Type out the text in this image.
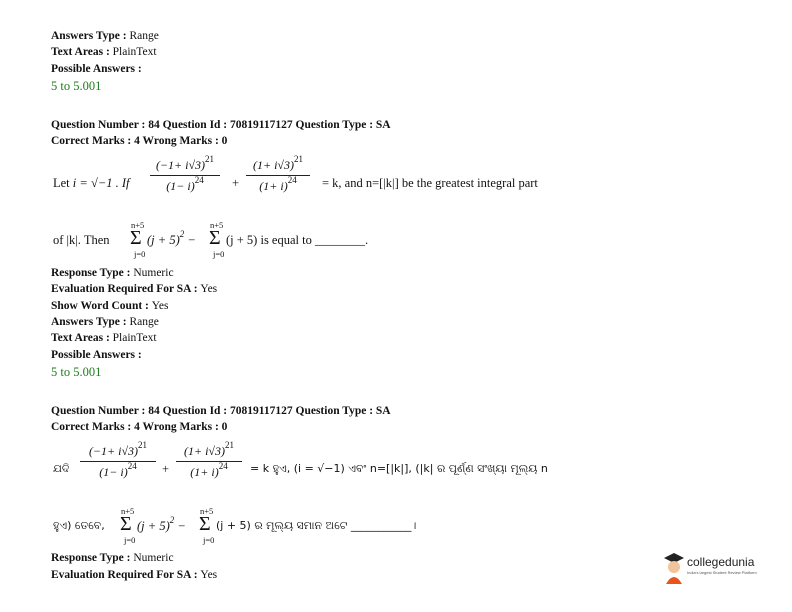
Answers Type : Range
Text Areas : PlainText
Possible Answers :
5 to 5.001
Question Number : 84 Question Id : 70819117127 Question Type : SA
Correct Marks : 4 Wrong Marks : 0
Let i = √−1 . If
$(-1+ i√3)^{21}$
$(1- i)^{24}$	+
$(1+ i√3)^{21}$
$(1+ i)^{24}$	= k, and n=[|k|] be the greatest integral part
of |k|. Then
n+5
Σ
j=0
$(j + 5)^2$ −
n+5
Σ
j=0
(j + 5) is equal to ________.
Response Type : Numeric
Evaluation Required For SA : Yes
Show Word Count : Yes
Answers Type : Range
Text Areas : PlainText
Possible Answers :
5 to 5.001
Question Number : 84 Question Id : 70819117127 Question Type : SA
Correct Marks : 4 Wrong Marks : 0
ଯଦି
$(-1+ i√3)^{21}$
$(1- i)^{24}$	+
$(1+ i√3)^{21}$
$(1+ i)^{24}$	= k ହୁଏ, (i = √−1) ଏବଂ n=[|k|], (|k| ର ପୂର୍ଣ୍ଣ ସଂଖ୍ୟା ମୂଲ୍ୟ n
ହୁଏ) ତେବେ,
n+5
Σ
j=0
$(j + 5)^2$ −
n+5
Σ
j=0
(j + 5) ର ମୂଲ୍ୟ ସମାନ ଅଟେ ___________।
Response Type : Numeric
Evaluation Required For SA : Yes
collegedunia
India's largest Student Review Platform
